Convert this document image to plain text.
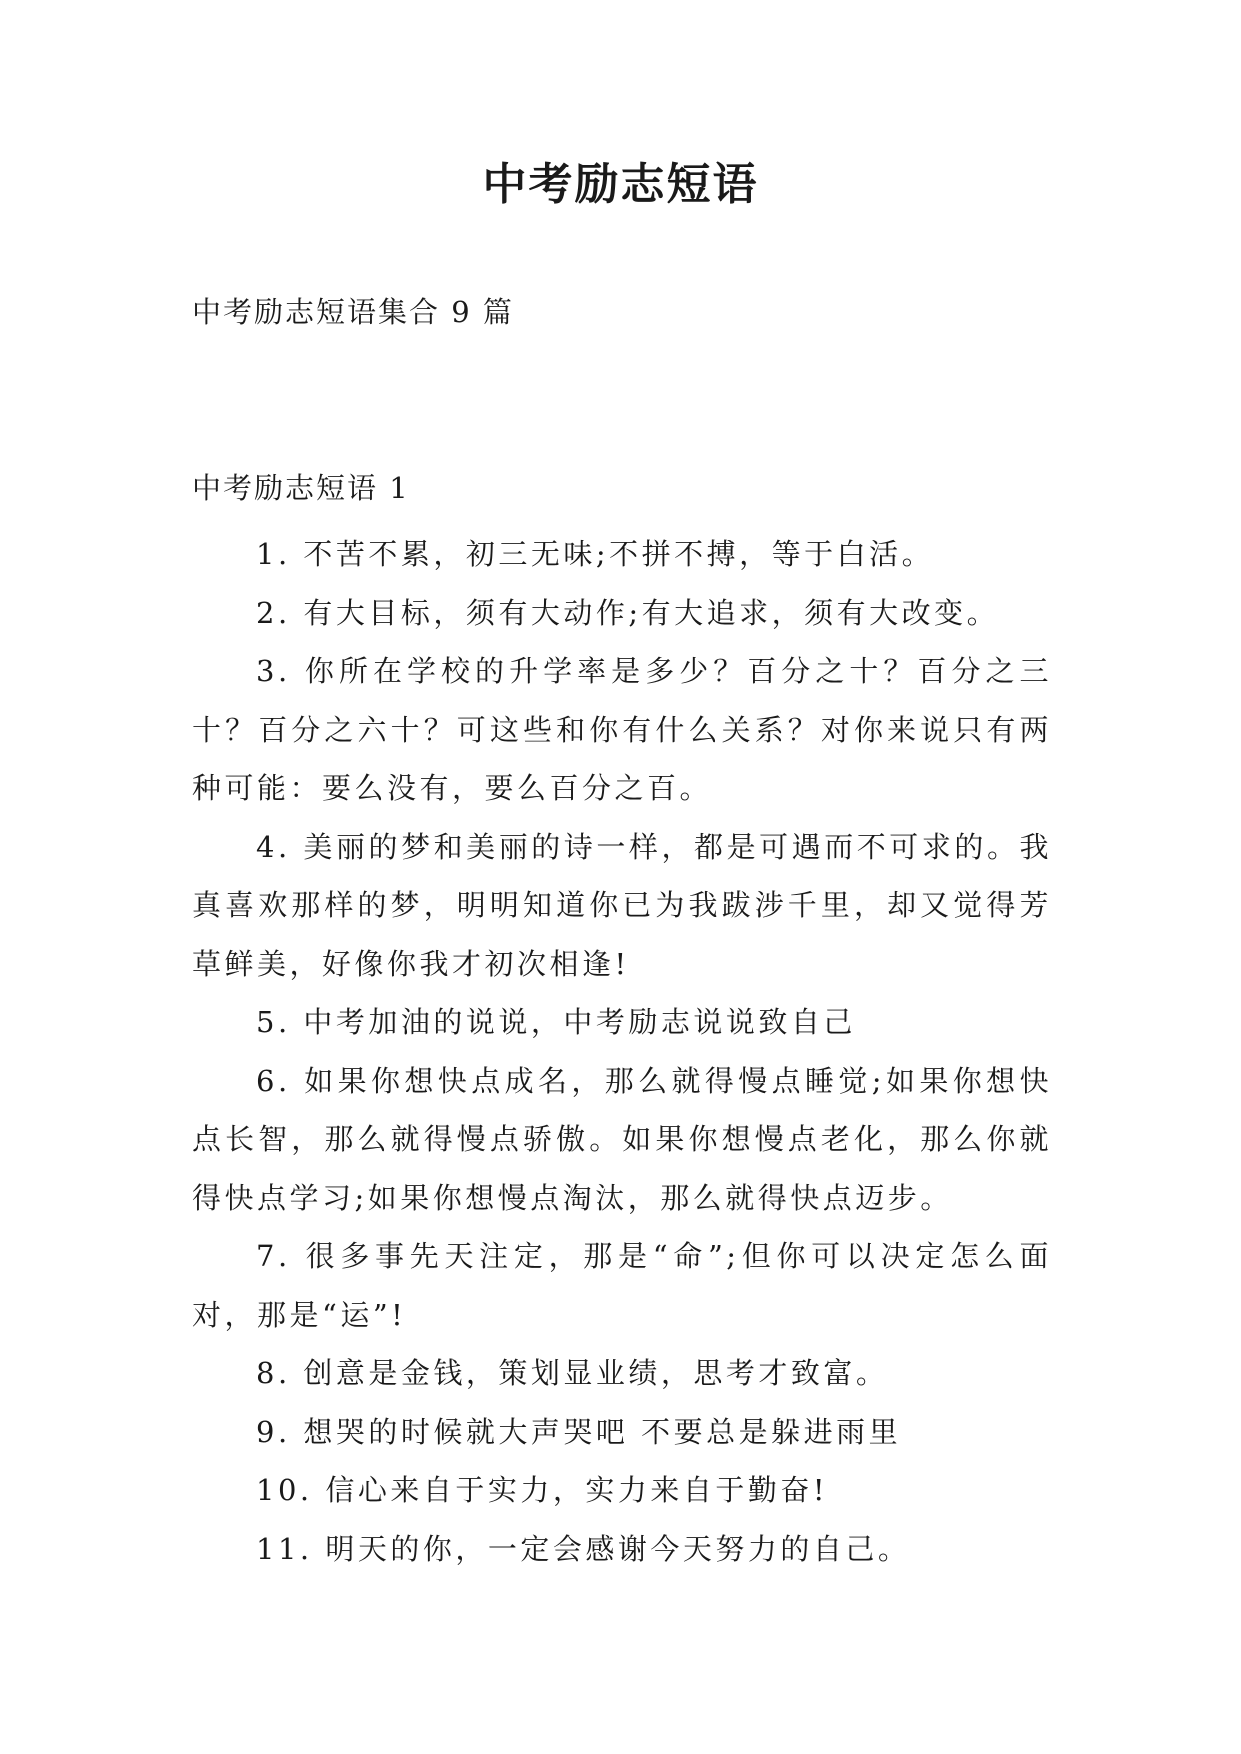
中考励志短语

中考励志短语集合 9 篇

中考励志短语 1

1. 不苦不累，初三无味;不拼不搏，等于白活。

2. 有大目标，须有大动作;有大追求，须有大改变。

3. 你所在学校的升学率是多少？百分之十？百分之三十？百分之六十？可这些和你有什么关系？对你来说只有两种可能：要么没有，要么百分之百。

4. 美丽的梦和美丽的诗一样，都是可遇而不可求的。我真喜欢那样的梦，明明知道你已为我跋涉千里，却又觉得芳草鲜美，好像你我才初次相逢!

5. 中考加油的说说，中考励志说说致自己

6. 如果你想快点成名，那么就得慢点睡觉;如果你想快点长智，那么就得慢点骄傲。如果你想慢点老化，那么你就得快点学习;如果你想慢点淘汰，那么就得快点迈步。

7. 很多事先天注定，那是“命”;但你可以决定怎么面对，那是“运”!

8. 创意是金钱，策划显业绩，思考才致富。

9. 想哭的时候就大声哭吧 不要总是躲进雨里

10. 信心来自于实力，实力来自于勤奋!

11. 明天的你，一定会感谢今天努力的自己。
